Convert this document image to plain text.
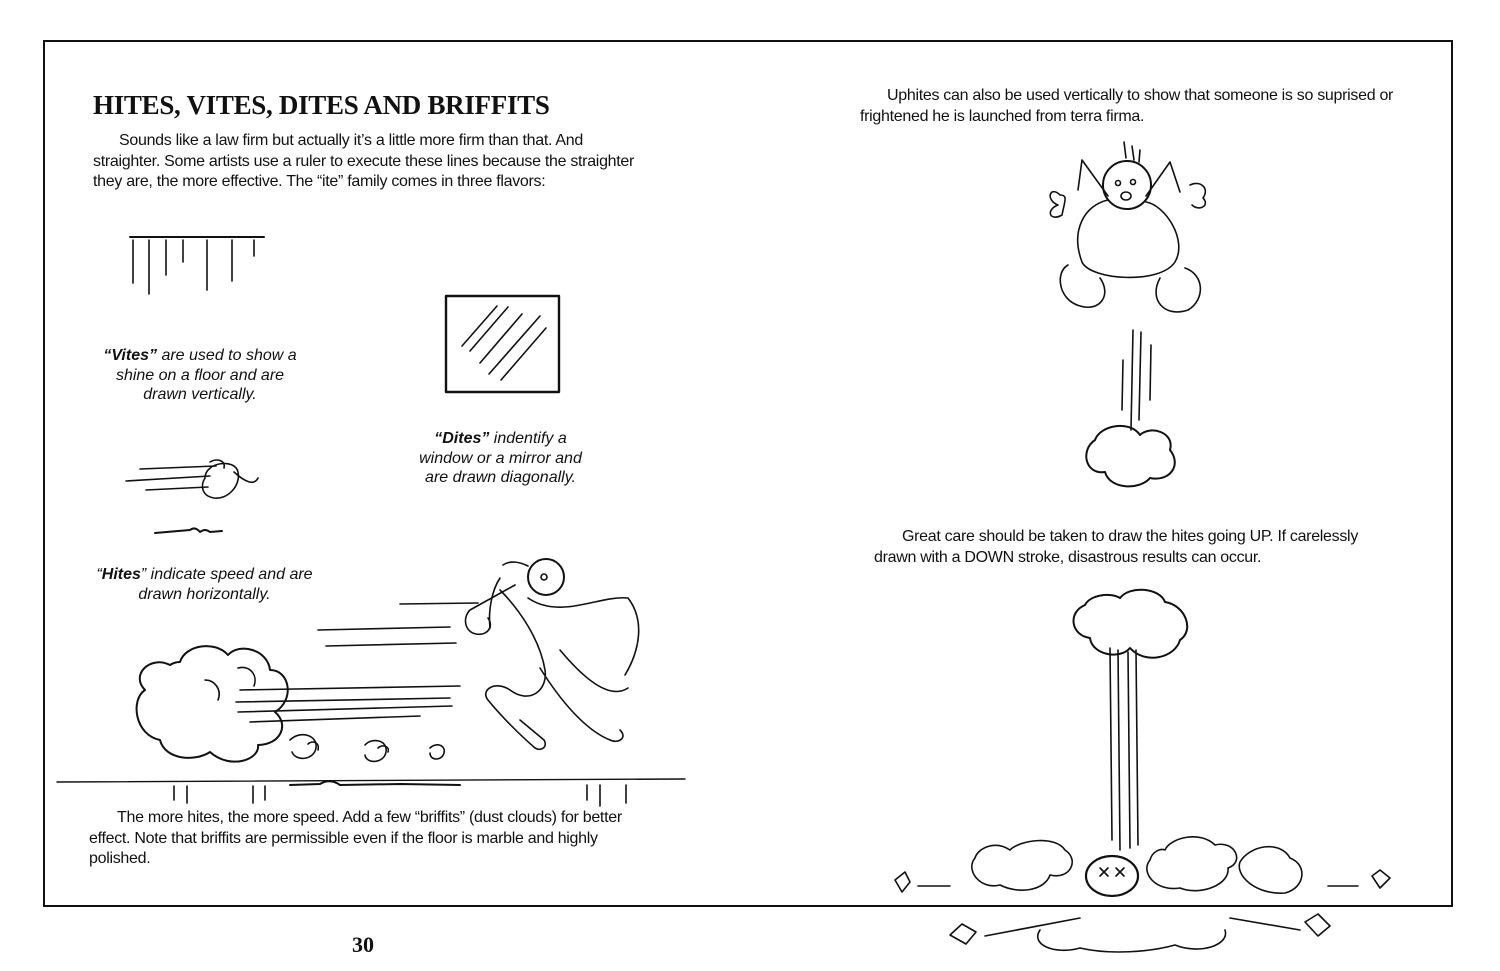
HITES, VITES, DITES AND BRIFFITS

Sounds like a law firm but actually it’s a little more firm than that. And straighter. Some artists use a ruler to execute these lines because the straighter they are, the more effective. The “ite” family comes in three flavors:

“Vites” are used to show a shine on a floor and are drawn vertically.

“Dites” indentify a window or a mirror and are drawn diagonally.

“Hites” indicate speed and are drawn horizontally.

The more hites, the more speed. Add a few “briffits” (dust clouds) for better effect. Note that briffits are permissible even if the floor is marble and highly polished.

Uphites can also be used vertically to show that someone is so suprised or frightened he is launched from terra firma.

Great care should be taken to draw the hites going UP. If carelessly drawn with a DOWN stroke, disastrous results can occur.

30
